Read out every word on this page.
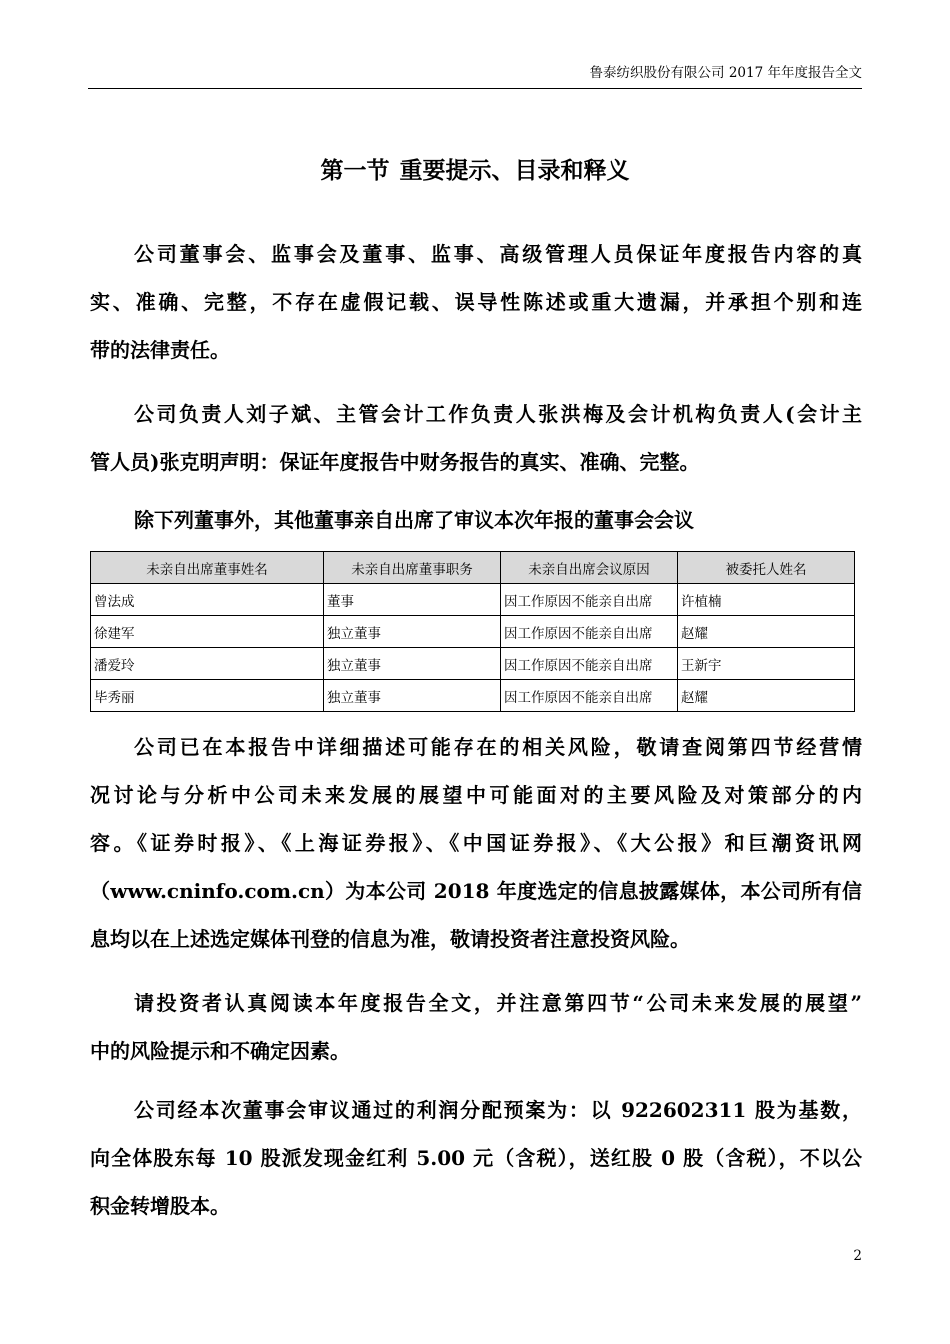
鲁泰纺织股份有限公司 2017 年年度报告全文
第一节 重要提示、目录和释义
公司董事会、监事会及董事、监事、高级管理人员保证年度报告内容的真
实、准确、完整，不存在虚假记载、误导性陈述或重大遗漏，并承担个别和连
带的法律责任。
公司负责人刘子斌、主管会计工作负责人张洪梅及会计机构负责人(会计主
管人员)张克明声明：保证年度报告中财务报告的真实、准确、完整。
除下列董事外，其他董事亲自出席了审议本次年报的董事会会议
未亲自出席董事姓名	未亲自出席董事职务	未亲自出席会议原因	被委托人姓名
曾法成	董事	因工作原因不能亲自出席	许植楠
徐建军	独立董事	因工作原因不能亲自出席	赵耀
潘爱玲	独立董事	因工作原因不能亲自出席	王新宇
毕秀丽	独立董事	因工作原因不能亲自出席	赵耀
公司已在本报告中详细描述可能存在的相关风险，敬请查阅第四节经营情
况讨论与分析中公司未来发展的展望中可能面对的主要风险及对策部分的内
容。《证券时报》、《上海证券报》、《中国证券报》、《大公报》和巨潮资讯网
（www.cninfo.com.cn）为本公司 2018 年度选定的信息披露媒体，本公司所有信
息均以在上述选定媒体刊登的信息为准，敬请投资者注意投资风险。
请投资者认真阅读本年度报告全文，并注意第四节“公司未来发展的展望”
中的风险提示和不确定因素。
公司经本次董事会审议通过的利润分配预案为：以 922602311 股为基数，
向全体股东每 10 股派发现金红利 5.00 元（含税），送红股 0 股（含税），不以公
积金转增股本。
2
